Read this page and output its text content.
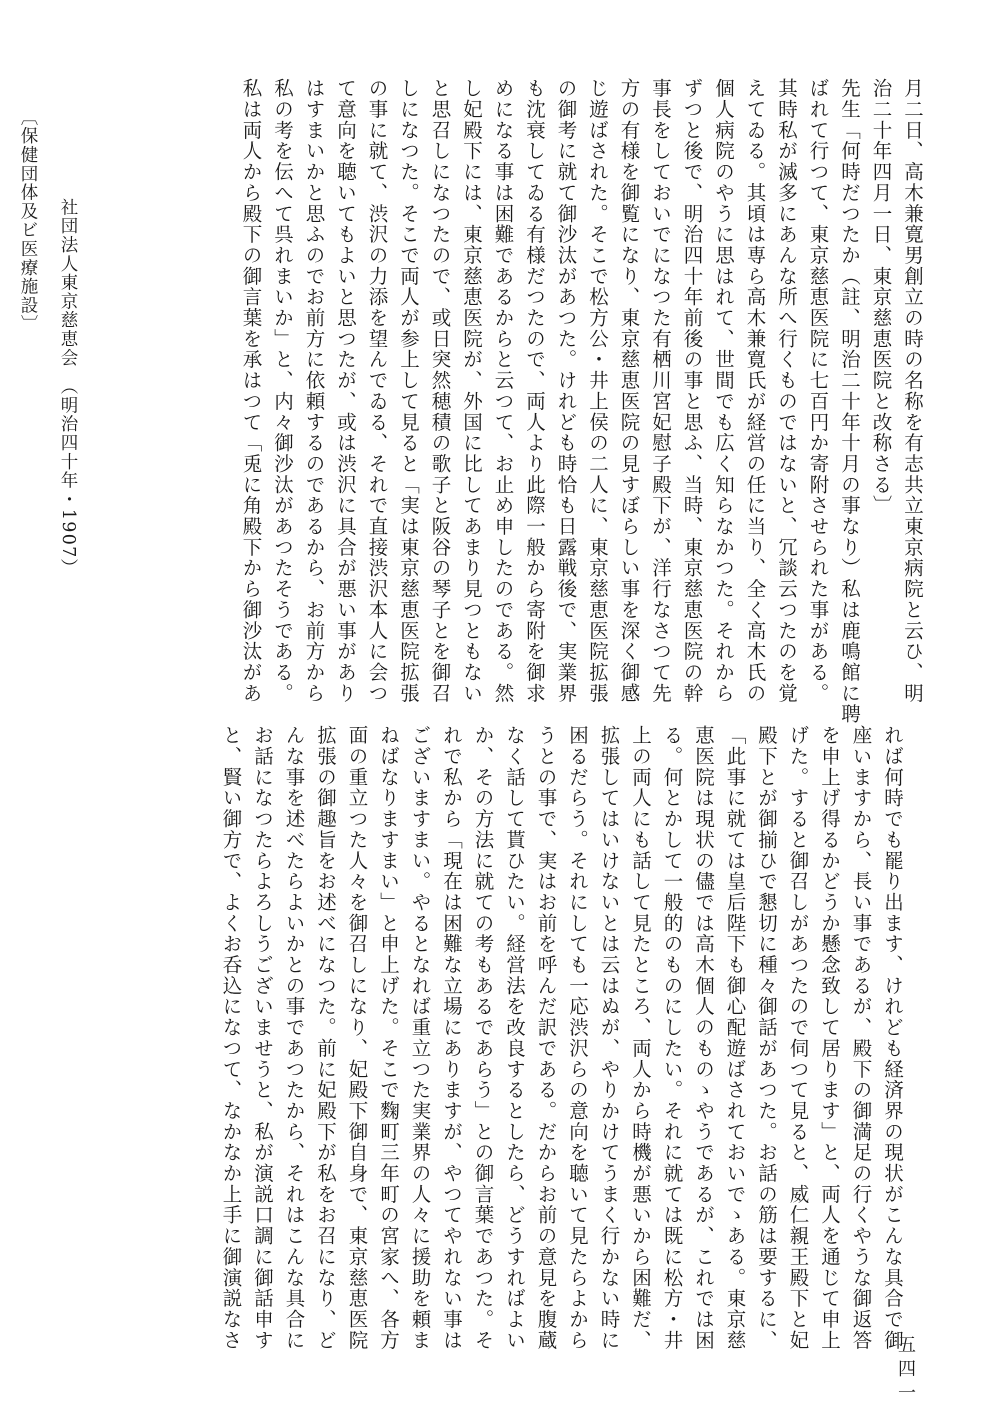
月二日、高木兼寛男創立の時の名称を有志共立東京病院と云ひ、明

治二十年四月一日、東京慈恵医院と改称さる〕

先生「何時だつたか（註、明治二十年十月の事なり）私は鹿鳴館に聘

ばれて行つて、東京慈恵医院に七百円か寄附させられた事がある。

其時私が滅多にあんな所へ行くものではないと、冗談云つたのを覚

えてゐる。其頃は専ら高木兼寛氏が経営の任に当り、全く高木氏の

個人病院のやうに思はれて、世間でも広く知らなかつた。それから

ずつと後で、明治四十年前後の事と思ふ、当時、東京慈恵医院の幹

事長をしておいでになつた有栖川宮妃慰子殿下が、洋行なさつて先

方の有様を御覧になり、東京慈恵医院の見すぼらしい事を深く御感

じ遊ばされた。そこで松方公・井上侯の二人に、東京慈恵医院拡張

の御考に就て御沙汰があつた。けれども時恰も日露戦後で、実業界

も沈衰してゐる有様だつたので、両人より此際一般から寄附を御求

めになる事は困難であるからと云つて、お止め申したのである。然

し妃殿下には、東京慈恵医院が、外国に比してあまり見つともない

と思召しになつたので、或日突然穂積の歌子と阪谷の琴子とを御召

しになつた。そこで両人が参上して見ると「実は東京慈恵医院拡張

の事に就て、渋沢の力添を望んでゐる、それで直接渋沢本人に会つ

て意向を聴いてもよいと思つたが、或は渋沢に具合が悪い事があり

はすまいかと思ふのでお前方に依頼するのであるから、お前方から

私の考を伝へて呉れまいか」と、内々御沙汰があつたそうである。

私は両人から殿下の御言葉を承はつて「兎に角殿下から御沙汰があ

れば何時でも罷り出ます、けれども経済界の現状がこんな具合で御

座いますから、長い事であるが、殿下の御満足の行くやうな御返答

を申上げ得るかどうか懸念致して居ります」と、両人を通じて申上

げた。すると御召しがあつたので伺つて見ると、威仁親王殿下と妃

殿下とが御揃ひで懇切に種々御話があつた。お話の筋は要するに、

「此事に就ては皇后陛下も御心配遊ばされておいでゝある。東京慈

恵医院は現状の儘では高木個人のものゝやうであるが、これでは困

る。何とかして一般的のものにしたい。それに就ては既に松方・井

上の両人にも話して見たところ、両人から時機が悪いから困難だ、

拡張してはいけないとは云はぬが、やりかけてうまく行かない時に

困るだらう。それにしても一応渋沢らの意向を聴いて見たらよから

うとの事で、実はお前を呼んだ訳である。だからお前の意見を腹蔵

なく話して貰ひたい。経営法を改良するとしたら、どうすればよい

か、その方法に就ての考もあるであらう」との御言葉であつた。そ

れで私から「現在は困難な立場にありますが、やつてやれない事は

ございますまい。やるとなれば重立つた実業界の人々に援助を頼ま

ねばなりますまい」と申上げた。そこで麴町三年町の宮家へ、各方

面の重立つた人々を御召しになり、妃殿下御自身で、東京慈恵医院

拡張の御趣旨をお述べになつた。前に妃殿下が私をお召になり、ど

んな事を述べたらよいかとの事であつたから、それはこんな具合に

お話になつたらよろしうございませうと、私が演説口調に御話申す

と、賢い御方で、よくお呑込になつて、なかなか上手に御演説なさ

〔保健団体及ビ医療施設〕 社団法人東京慈恵会　（明治四十年・1907）
五四一
